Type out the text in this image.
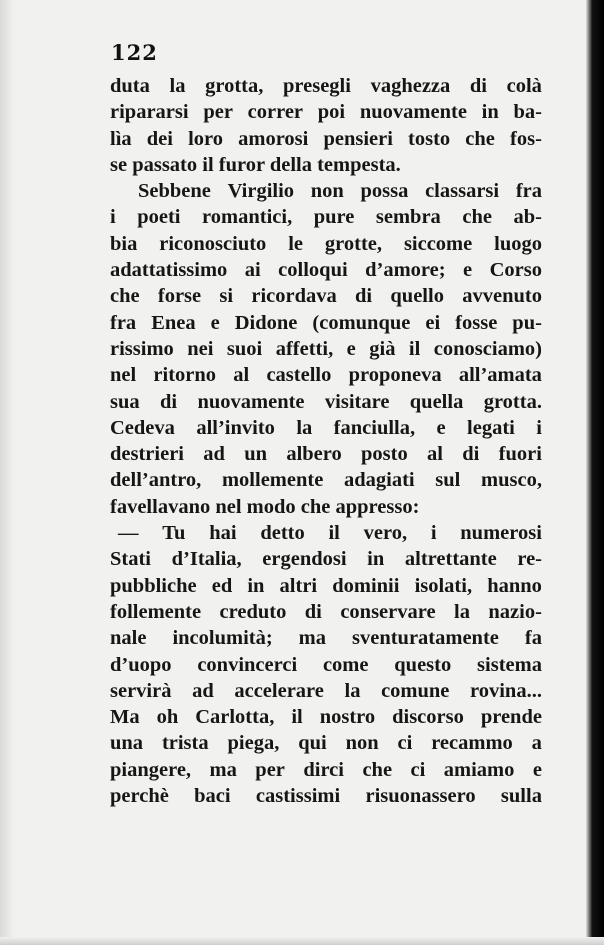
122
duta la grotta, presegli vaghezza di colà
ripararsi per correr poi nuovamente in ba-
lìa dei loro amorosi pensieri tosto che fos-
se passato il furor della tempesta.
Sebbene Virgilio non possa classarsi fra
i poeti romantici, pure sembra che ab-
bia riconosciuto le grotte, siccome luogo
adattatissimo ai colloqui d’amore; e Corso
che forse si ricordava di quello avvenuto
fra Enea e Didone (comunque ei fosse pu-
rissimo nei suoi affetti, e già il conosciamo)
nel ritorno al castello proponeva all’amata
sua di nuovamente visitare quella grotta.
Cedeva all’invito la fanciulla, e legati i
destrieri ad un albero posto al di fuori
dell’antro, mollemente adagiati sul musco,
favellavano nel modo che appresso:
— Tu hai detto il vero, i numerosi
Stati d’Italia, ergendosi in altrettante re-
pubbliche ed in altri dominii isolati, hanno
follemente creduto di conservare la nazio-
nale incolumità; ma sventuratamente fa
d’uopo convincerci come questo sistema
servirà ad accelerare la comune rovina...
Ma oh Carlotta, il nostro discorso prende
una trista piega, qui non ci recammo a
piangere, ma per dirci che ci amiamo e
perchè baci castissimi risuonassero sulla
